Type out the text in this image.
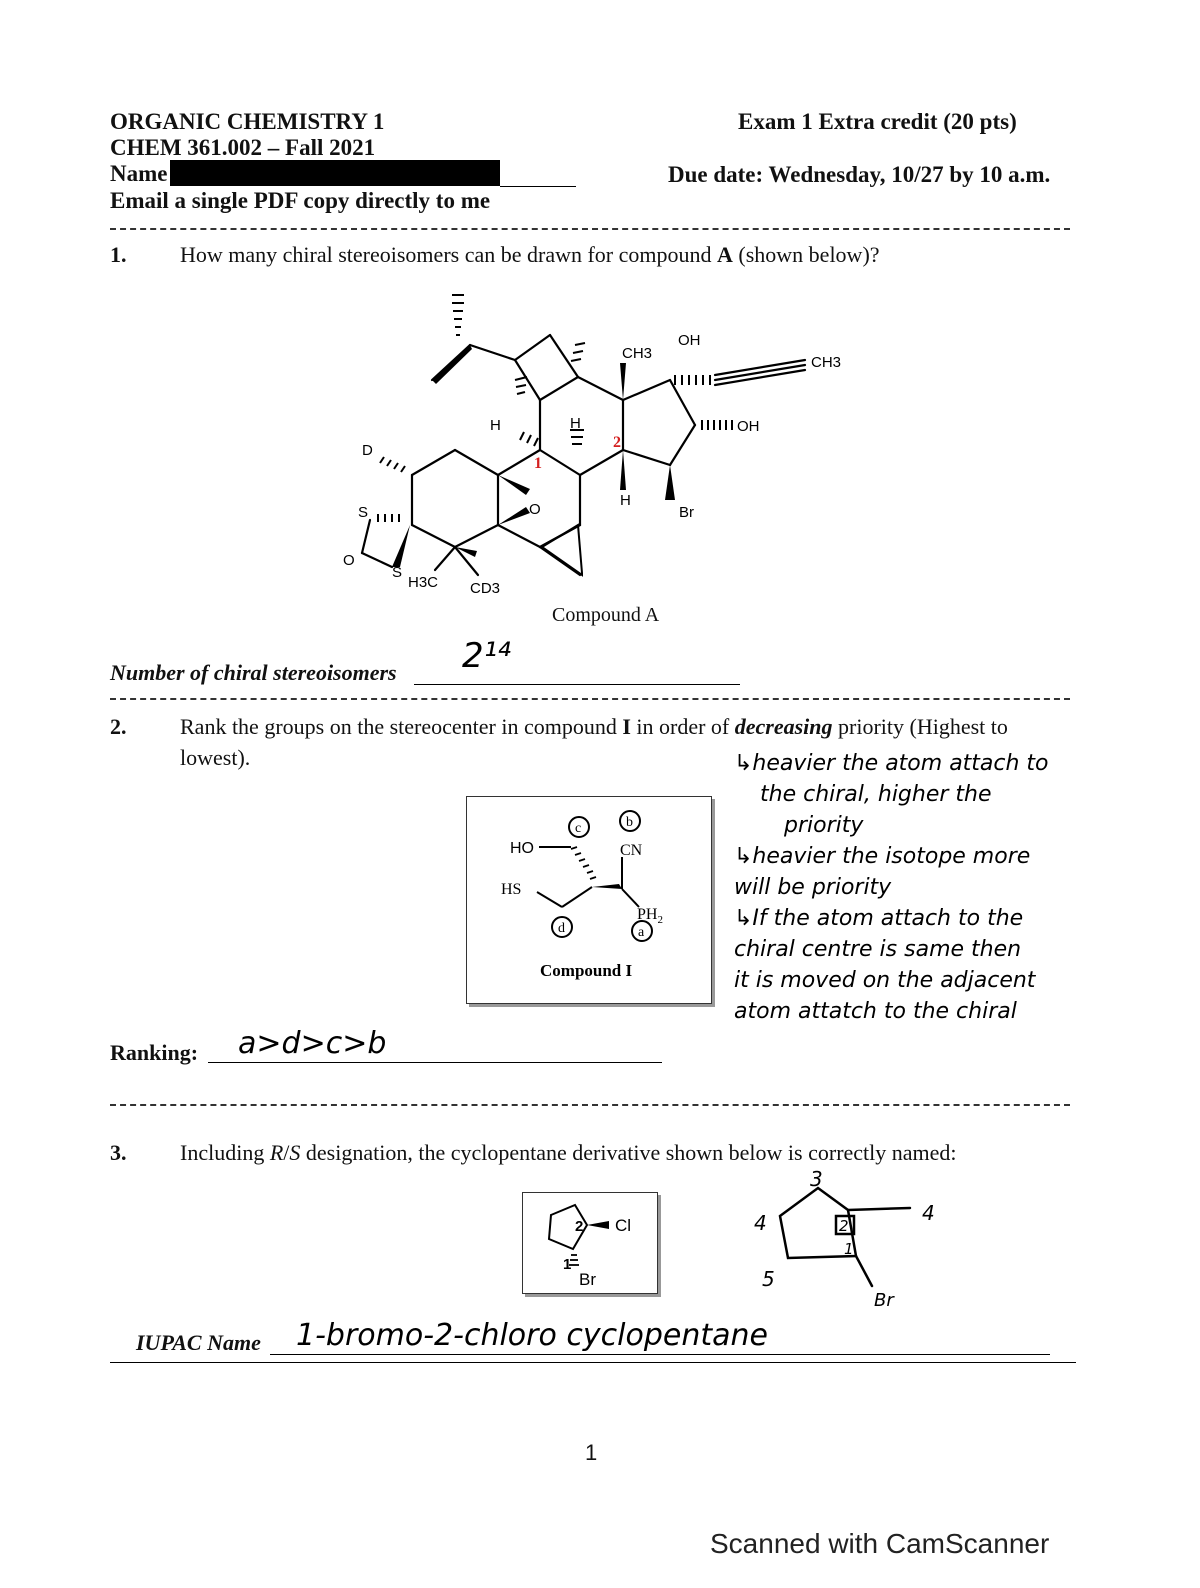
ORGANIC CHEMISTRY 1
CHEM 361.002 – Fall 2021
Name
Email a single PDF copy directly to me
Exam 1 Extra credit (20 pts)
Due date: Wednesday, 10/27 by 10 a.m.
1. How many chiral stereoisomers can be drawn for compound A (shown below)?
CH3
OH
CH3
OH
H	H
H
O	Br
D
S
O
S
H3C CD3
1
2
Compound A
Number of chiral stereoisomers 2¹⁴
2. Rank the groups on the stereocenter in compound I in order of decreasing priority (Highest to
lowest).
HO
HS
CN
$PH_2$
c	b
d	a
Compound I
↳heavier the atom attach to
the chiral, higher the
priority
↳heavier the isotope more
will be priority
↳If the atom attach to the
chiral centre is same then
it is moved on the adjacent
atom attatch to the chiral
Ranking: a>d>c>b
3. Including R/S designation, the cyclopentane derivative shown below is correctly named:
Cl
Br
2
1
3
4	4
5
2
1
Br
IUPAC Name 1-bromo-2-chloro cyclopentane
1
Scanned with CamScanner
